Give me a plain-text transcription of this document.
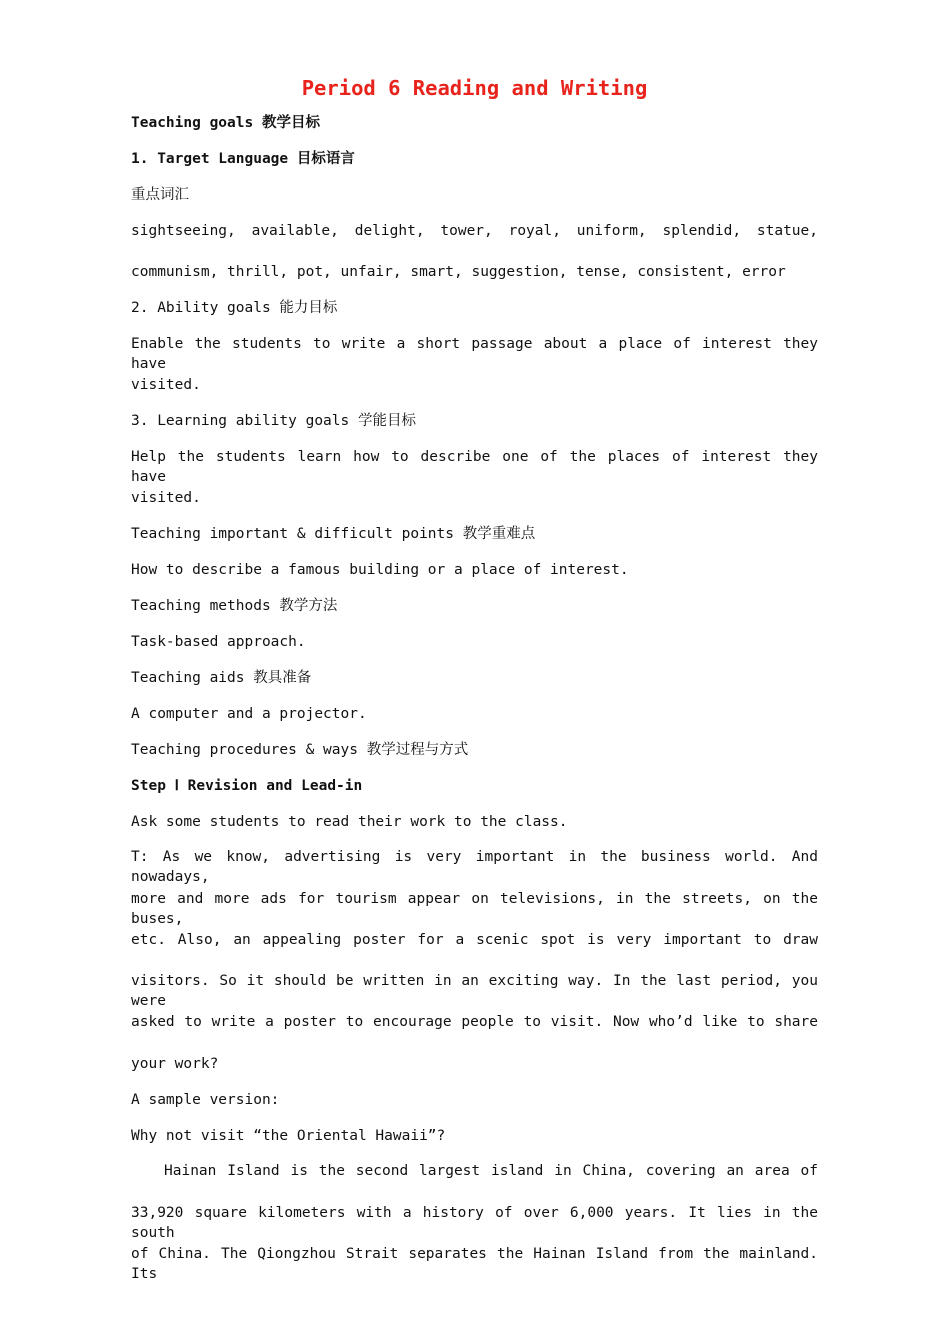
Period 6 Reading and Writing

Teaching goals 教学目标

1. Target Language 目标语言

重点词汇

sightseeing, available, delight, tower, royal, uniform, splendid, statue,

communism, thrill, pot, unfair, smart, suggestion, tense, consistent, error

2. Ability goals 能力目标

Enable the students to write a short passage about a place of interest they have

visited.

3. Learning ability goals 学能目标

Help the students learn how to describe one of the places of interest they have

visited.

Teaching important & difficult points 教学重难点

How to describe a famous building or a place of interest.

Teaching methods 教学方法

Task-based approach.

Teaching aids 教具准备

A computer and a projector.

Teaching procedures & ways 教学过程与方式

Step Ⅰ Revision and Lead-in

Ask some students to read their work to the class.

T: As we know, advertising is very important in the business world. And nowadays,

more and more ads for tourism appear on televisions, in the streets, on the buses,

etc. Also, an appealing poster for a scenic spot is very important to draw

visitors. So it should be written in an exciting way. In the last period, you were

asked to write a poster to encourage people to visit. Now who’d like to share

your work?

A sample version:

Why not visit “the Oriental Hawaii”?

Hainan Island is the second largest island in China, covering an area of

33,920 square kilometers with a history of over 6,000 years. It lies in the south

of China. The Qiongzhou Strait separates the Hainan Island from the mainland. Its
